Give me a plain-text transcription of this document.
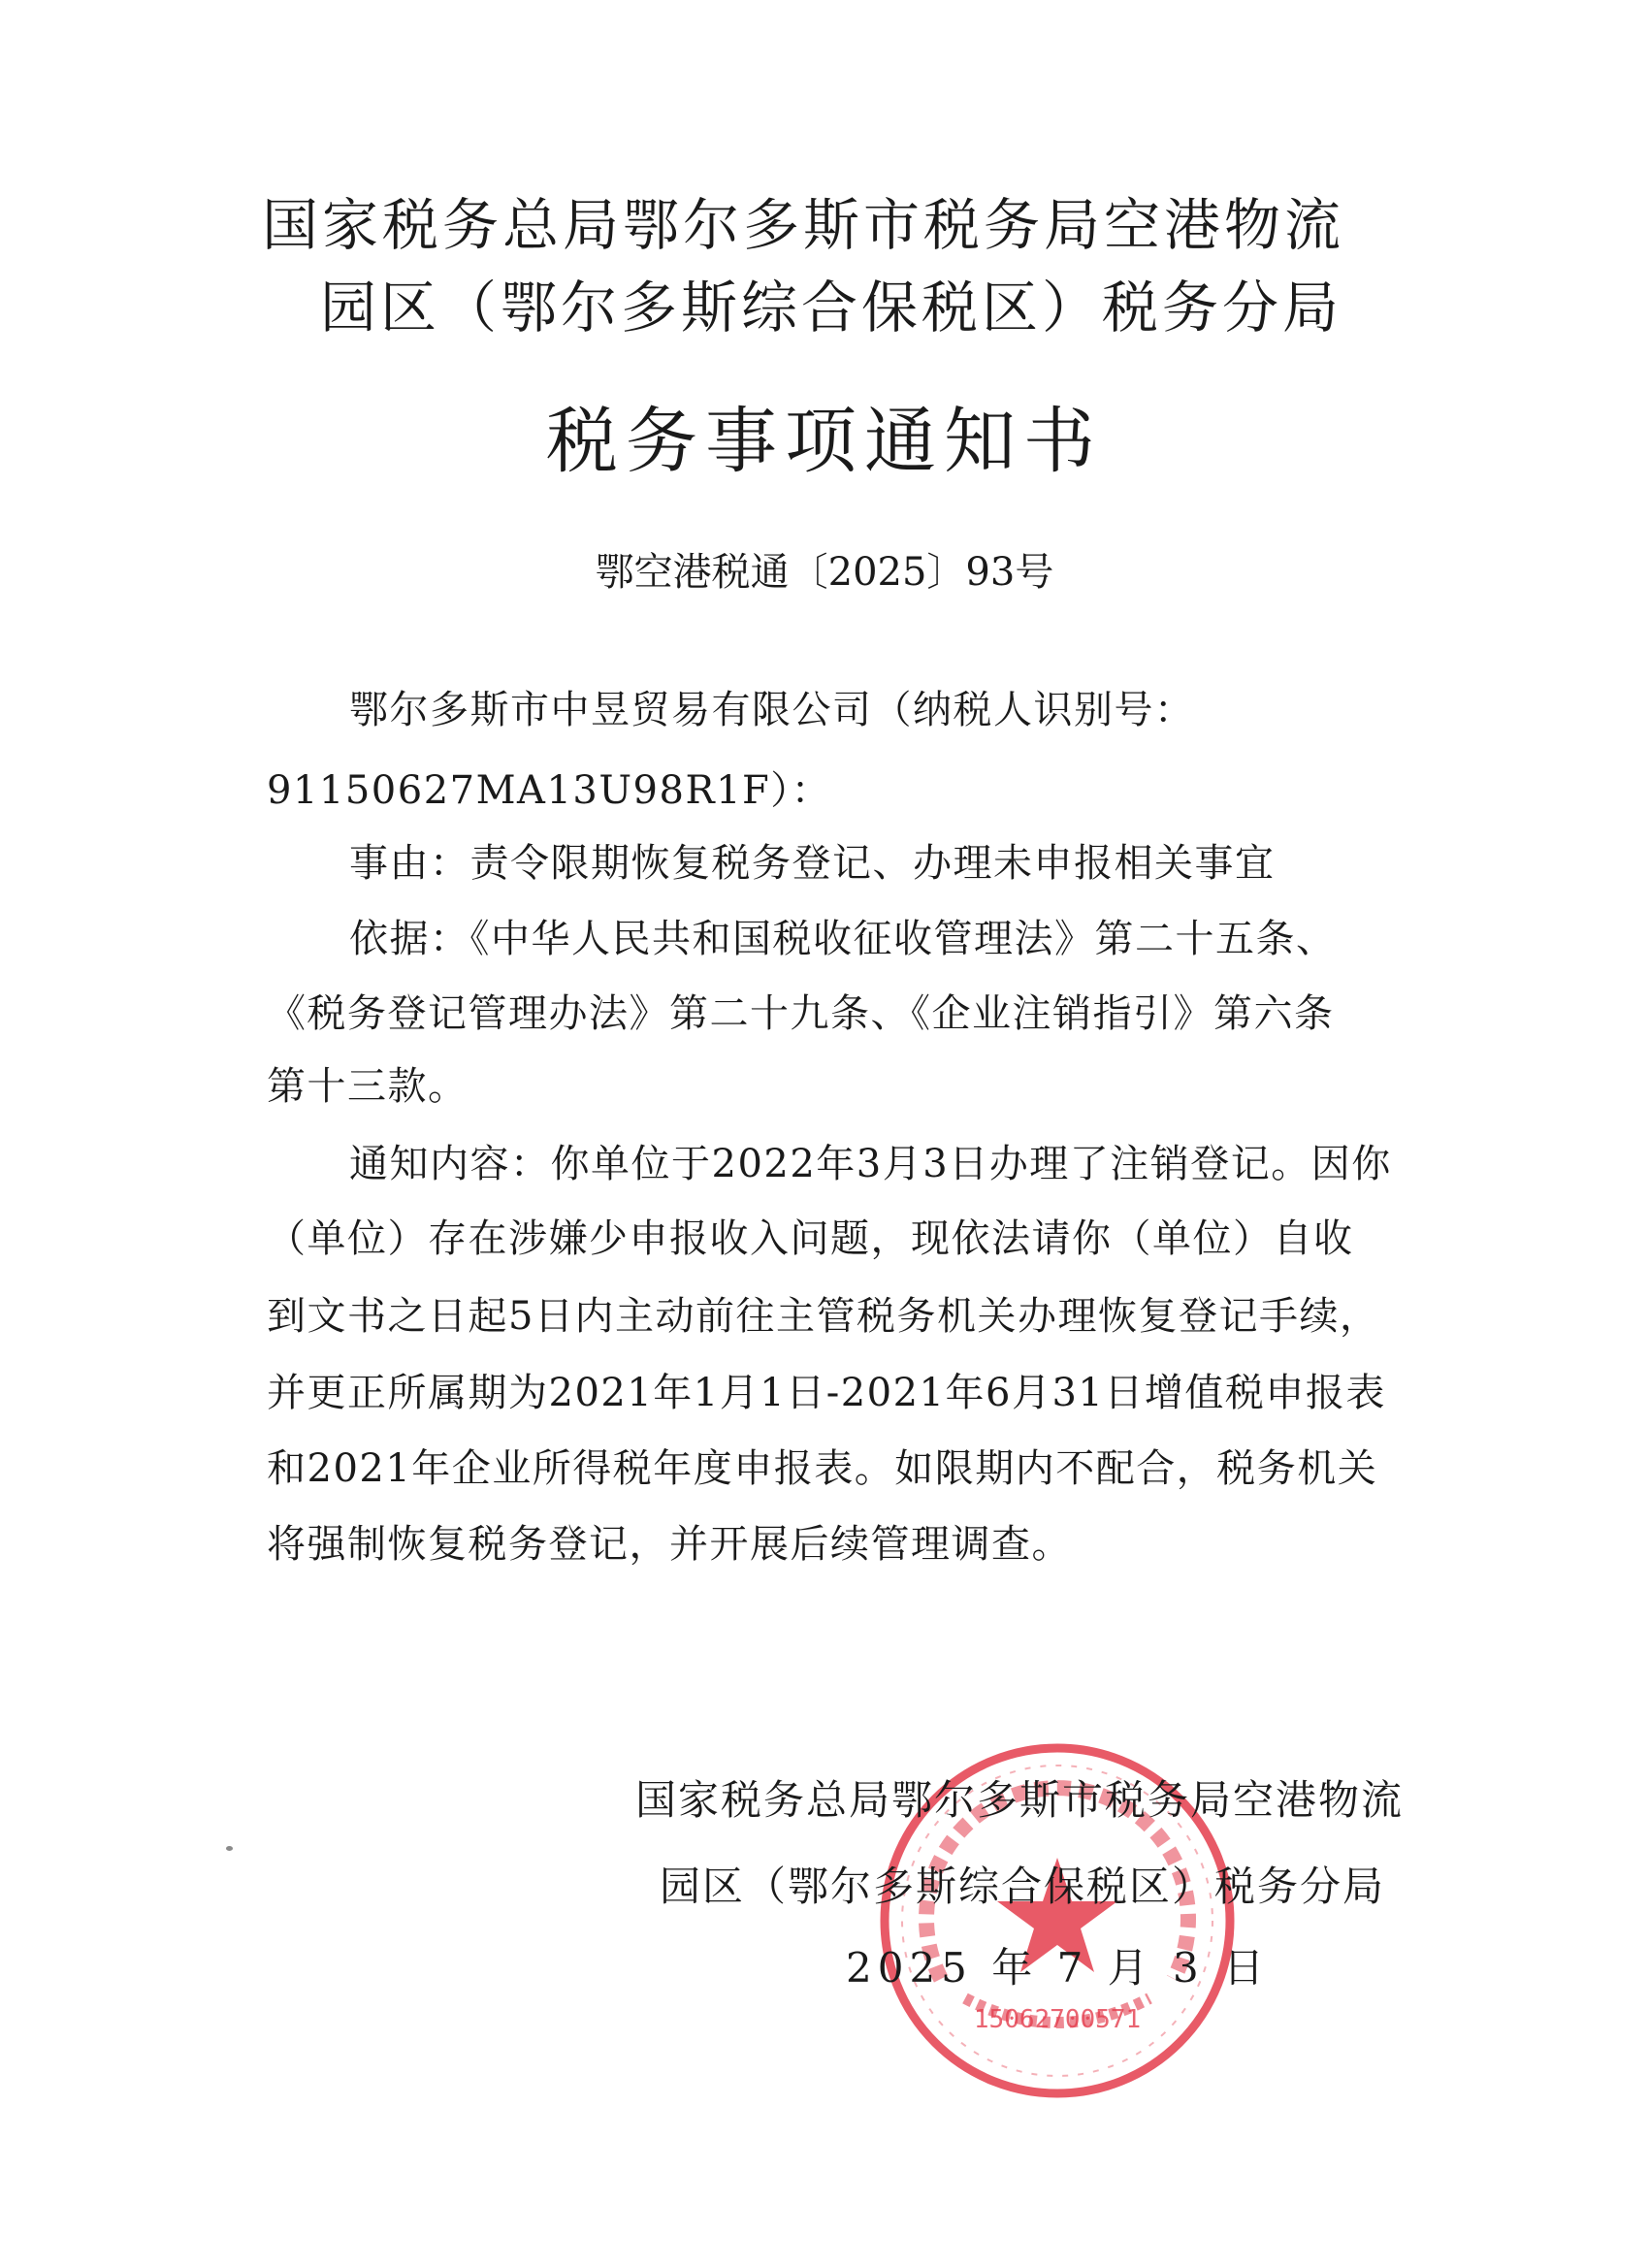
国家税务总局鄂尔多斯市税务局空港物流
园区（鄂尔多斯综合保税区）税务分局
税务事项通知书
鄂空港税通〔2025〕93号
鄂尔多斯市中昱贸易有限公司（纳税人识别号：
91150627MA13U98R1F）：
事由：责令限期恢复税务登记、办理未申报相关事宜
依据：《中华人民共和国税收征收管理法》第二十五条、
《税务登记管理办法》第二十九条、《企业注销指引》第六条
第十三款。
通知内容：你单位于2022年3月3日办理了注销登记。因你
（单位）存在涉嫌少申报收入问题，现依法请你（单位）自收
到文书之日起5日内主动前往主管税务机关办理恢复登记手续，
并更正所属期为2021年1月1日-2021年6月31日增值税申报表
和2021年企业所得税年度申报表。如限期内不配合，税务机关
将强制恢复税务登记，并开展后续管理调查。
15062700571
国家税务总局鄂尔多斯市税务局空港物流
园区（鄂尔多斯综合保税区）税务分局
2025 年 7 月 3 日
